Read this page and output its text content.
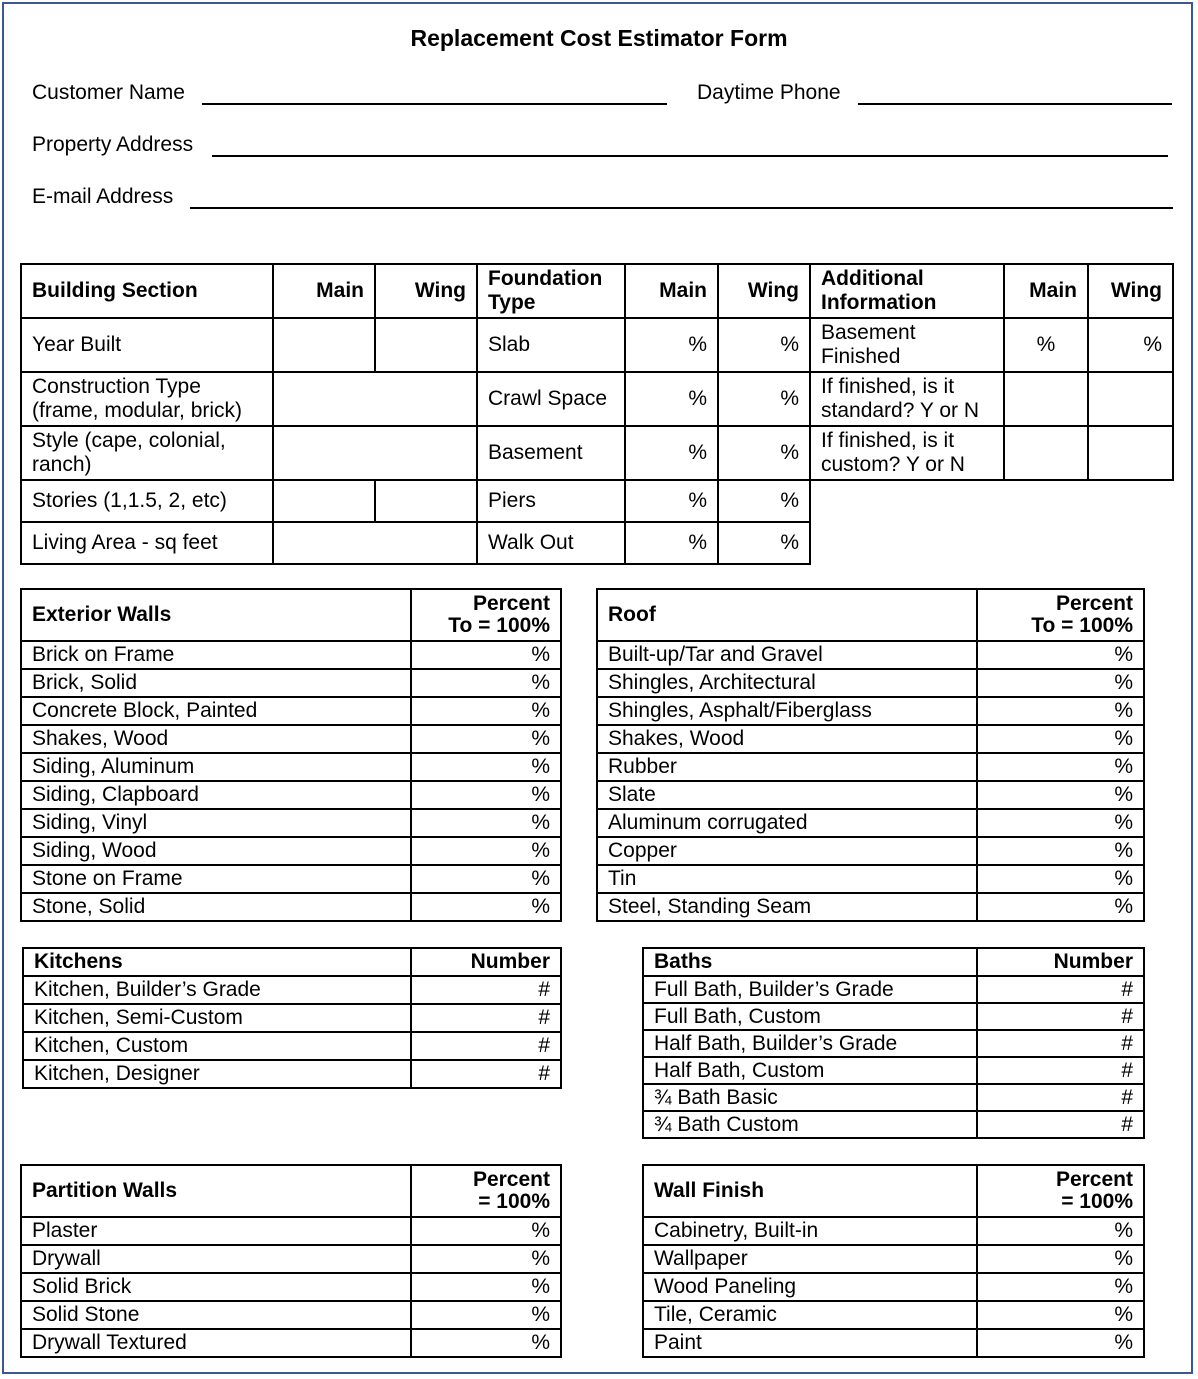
Replacement Cost Estimator Form
Customer Name	Daytime Phone
Property Address
E-mail Address
Building Section	Main	Wing	Foundation Type	Main	Wing	Additional Information	Main	Wing
Year Built			Slab	%	%	Basement Finished	%	%
Construction Type (frame, modular, brick)			Crawl Space	%	%	If finished, is it standard? Y or N		
Style (cape, colonial, ranch)			Basement	%	%	If finished, is it custom? Y or N		
Stories (1,1.5, 2, etc)			Piers	%	%			
Living Area - sq feet			Walk Out	%	%			
Exterior Walls	Percent
To = 100%
Brick on Frame	%
Brick, Solid	%
Concrete Block, Painted	%
Shakes, Wood	%
Siding, Aluminum	%
Siding, Clapboard	%
Siding, Vinyl	%
Siding, Wood	%
Stone on Frame	%
Stone, Solid	%
Roof	Percent
To = 100%
Built-up/Tar and Gravel	%
Shingles, Architectural	%
Shingles, Asphalt/Fiberglass	%
Shakes, Wood	%
Rubber	%
Slate	%
Aluminum corrugated	%
Copper	%
Tin	%
Steel, Standing Seam	%
Kitchens	Number
Kitchen, Builder’s Grade	#
Kitchen, Semi-Custom	#
Kitchen, Custom	#
Kitchen, Designer	#
Baths	Number
Full Bath, Builder’s Grade	#
Full Bath, Custom	#
Half Bath, Builder’s Grade	#
Half Bath, Custom	#
¾ Bath Basic	#
¾ Bath Custom	#
Partition Walls	Percent
= 100%
Plaster	%
Drywall	%
Solid Brick	%
Solid Stone	%
Drywall Textured	%
Wall Finish	Percent
= 100%
Cabinetry, Built-in	%
Wallpaper	%
Wood Paneling	%
Tile, Ceramic	%
Paint	%
